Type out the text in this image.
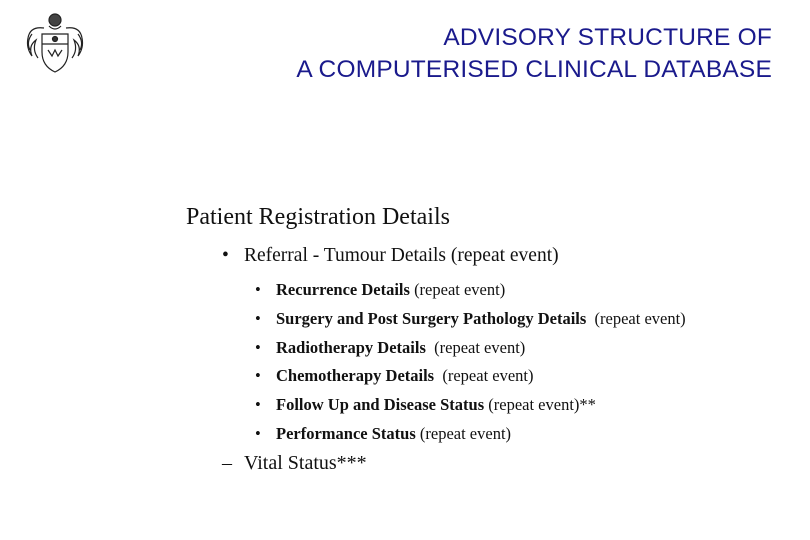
ADVISORY STRUCTURE OF
A COMPUTERISED CLINICAL DATABASE
Patient Registration Details
• Referral - Tumour Details (repeat event)
• Recurrence Details (repeat event)
• Surgery and Post Surgery Pathology Details  (repeat event)
• Radiotherapy Details  (repeat event)
• Chemotherapy Details  (repeat event)
• Follow Up and Disease Status (repeat event)**
• Performance Status (repeat event)
– Vital Status***
